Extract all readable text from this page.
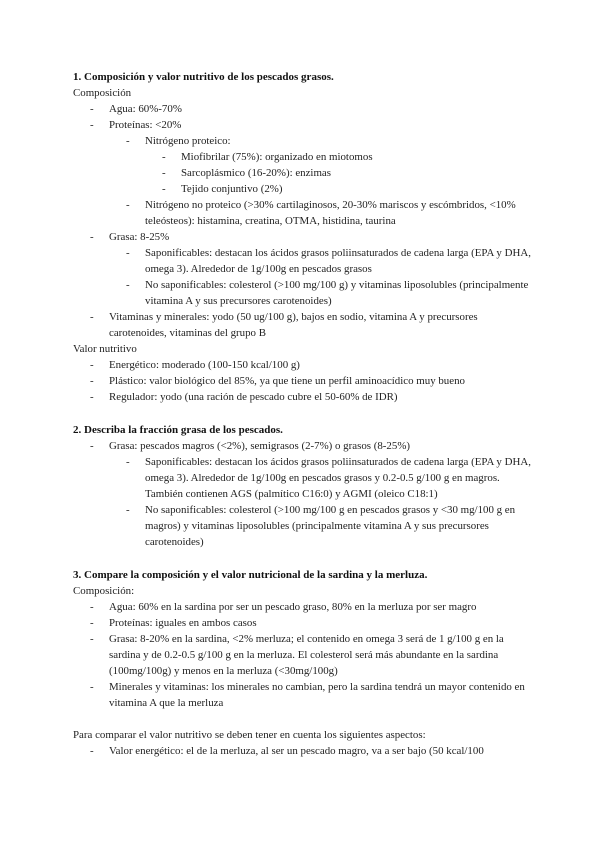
1. Composición y valor nutritivo de los pescados grasos.

Composición

- Agua: 60%-70%
- Proteínas: <20%
- Nitrógeno proteico:
- Miofibrilar (75%): organizado en miotomos
- Sarcoplásmico (16-20%): enzimas
- Tejido conjuntivo (2%)
- Nitrógeno no proteico (>30% cartilaginosos, 20-30% mariscos y escómbridos, <10% teleósteos): histamina, creatina, OTMA, histidina, taurina
- Grasa: 8-25%
- Saponificables: destacan los ácidos grasos poliinsaturados de cadena larga (EPA y DHA, omega 3). Alrededor de 1g/100g en pescados grasos
- No saponificables: colesterol (>100 mg/100 g) y vitaminas liposolubles (principalmente vitamina A y sus precursores carotenoides)
- Vitaminas y minerales: yodo (50 ug/100 g), bajos en sodio, vitamina A y precursores carotenoides, vitaminas del grupo B

Valor nutritivo

- Energético: moderado (100-150 kcal/100 g)
- Plástico: valor biológico del 85%, ya que tiene un perfil aminoacídico muy bueno
- Regulador: yodo (una ración de pescado cubre el 50-60% de IDR)
2. Describa la fracción grasa de los pescados.
- Grasa: pescados magros (<2%), semigrasos (2-7%) o grasos (8-25%)
- Saponificables: destacan los ácidos grasos poliinsaturados de cadena larga (EPA y DHA, omega 3). Alrededor de 1g/100g en pescados grasos y 0.2-0.5 g/100 g en magros. También contienen AGS (palmítico C16:0) y AGMI (oleico C18:1)
- No saponificables: colesterol (>100 mg/100 g en pescados grasos y <30 mg/100 g en magros) y vitaminas liposolubles (principalmente vitamina A y sus precursores carotenoides)
3. Compare la composición y el valor nutricional de la sardina y la merluza.

Composición:

- Agua: 60% en la sardina por ser un pescado graso, 80% en la merluza por ser magro
- Proteínas: iguales en ambos casos
- Grasa: 8-20% en la sardina, <2% merluza; el contenido en omega 3 será de 1 g/100 g en la sardina y de 0.2-0.5 g/100 g en la merluza. El colesterol será más abundante en la sardina (100mg/100g) y menos en la merluza (<30mg/100g)
- Minerales y vitaminas: los minerales no cambian, pero la sardina tendrá un mayor contenido en vitamina A que la merluza

Para comparar el valor nutritivo se deben tener en cuenta los siguientes aspectos:

- Valor energético: el de la merluza, al ser un pescado magro, va a ser bajo (50 kcal/100
